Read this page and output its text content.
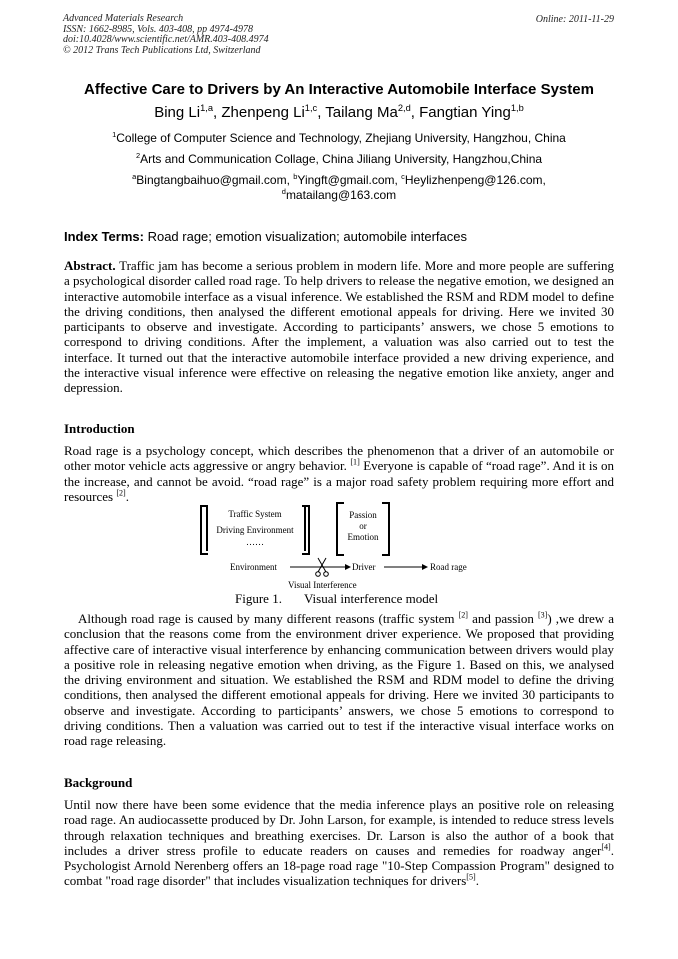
Advanced Materials Research
ISSN: 1662-8985, Vols. 403-408, pp 4974-4978
doi:10.4028/www.scientific.net/AMR.403-408.4974
© 2012 Trans Tech Publications Ltd, Switzerland
Online: 2011-11-29
Affective Care to Drivers by An Interactive Automobile Interface System
Bing Li$^{1,a}$, Zhenpeng Li$^{1,c}$, Tailang Ma$^{2,d}$, Fangtian Ying$^{1,b}$
$^1$College of Computer Science and Technology, Zhejiang University, Hangzhou, China
$^2$Arts and Communication Collage, China Jiliang University, Hangzhou,China
$^a$Bingtangbaihuo@gmail.com, $^b$Yingft@gmail.com, $^c$Heylizhenpeng@126.com,
$^d$matailang@163.com
Index Terms: Road rage; emotion visualization; automobile interfaces
Abstract. Traffic jam has become a serious problem in modern life. More and more people are suffering a psychological disorder called road rage. To help drivers to release the negative emotion, we designed an interactive automobile interface as a visual inference. We established the RSM and RDM model to define the driving conditions, then analysed the different emotional appeals for driving. Here we invited 30 participants to observe and investigate. According to participants’ answers, we chose 5 emotions to correspond to driving conditions. After the implement, a valuation was also carried out to test the interface. It turned out that the interactive automobile interface provided a new driving experience, and the interactive visual inference were effective on releasing the negative emotion like anxiety, anger and depression.
Introduction
Road rage is a psychology concept, which describes the phenomenon that a driver of an automobile or other motor vehicle acts aggressive or angry behavior. [1] Everyone is capable of “road rage”. And it is on the increase, and cannot be avoid. “road rage” is a major road safety problem requiring more effort and resources [2].
Traffic System
Driving Environment
……
Passion
or
Emotion
Environment	Driver	Road rage
Visual Interference
Figure 1. Visual interference model
Although road rage is caused by many different reasons (traffic system [2] and passion [3]) ,we drew a conclusion that the reasons come from the environment driver experience. We proposed that providing affective care of interactive visual interference by enhancing communication between drivers would play a positive role in releasing negative emotion when driving, as the Figure 1. Based on this, we analysed the driving environment and situation. We established the RSM and RDM model to define the driving conditions, then analysed the different emotional appeals for driving. Here we invited 30 participants to observe and investigate. According to participants’ answers, we chose 5 emotions to correspond to driving conditions. Then a valuation was carried out to test if the interactive visual interface works on road rage releasing.
Background
Until now there have been some evidence that the media inference plays an positive role on releasing road rage. An audiocassette produced by Dr. John Larson, for example, is intended to reduce stress levels through relaxation techniques and breathing exercises. Dr. Larson is also the author of a book that includes a driver stress profile to educate readers on causes and remedies for roadway anger[4]. Psychologist Arnold Nerenberg offers an 18-page road rage "10-Step Compassion Program" designed to combat "road rage disorder" that includes visualization techniques for drivers[5].
